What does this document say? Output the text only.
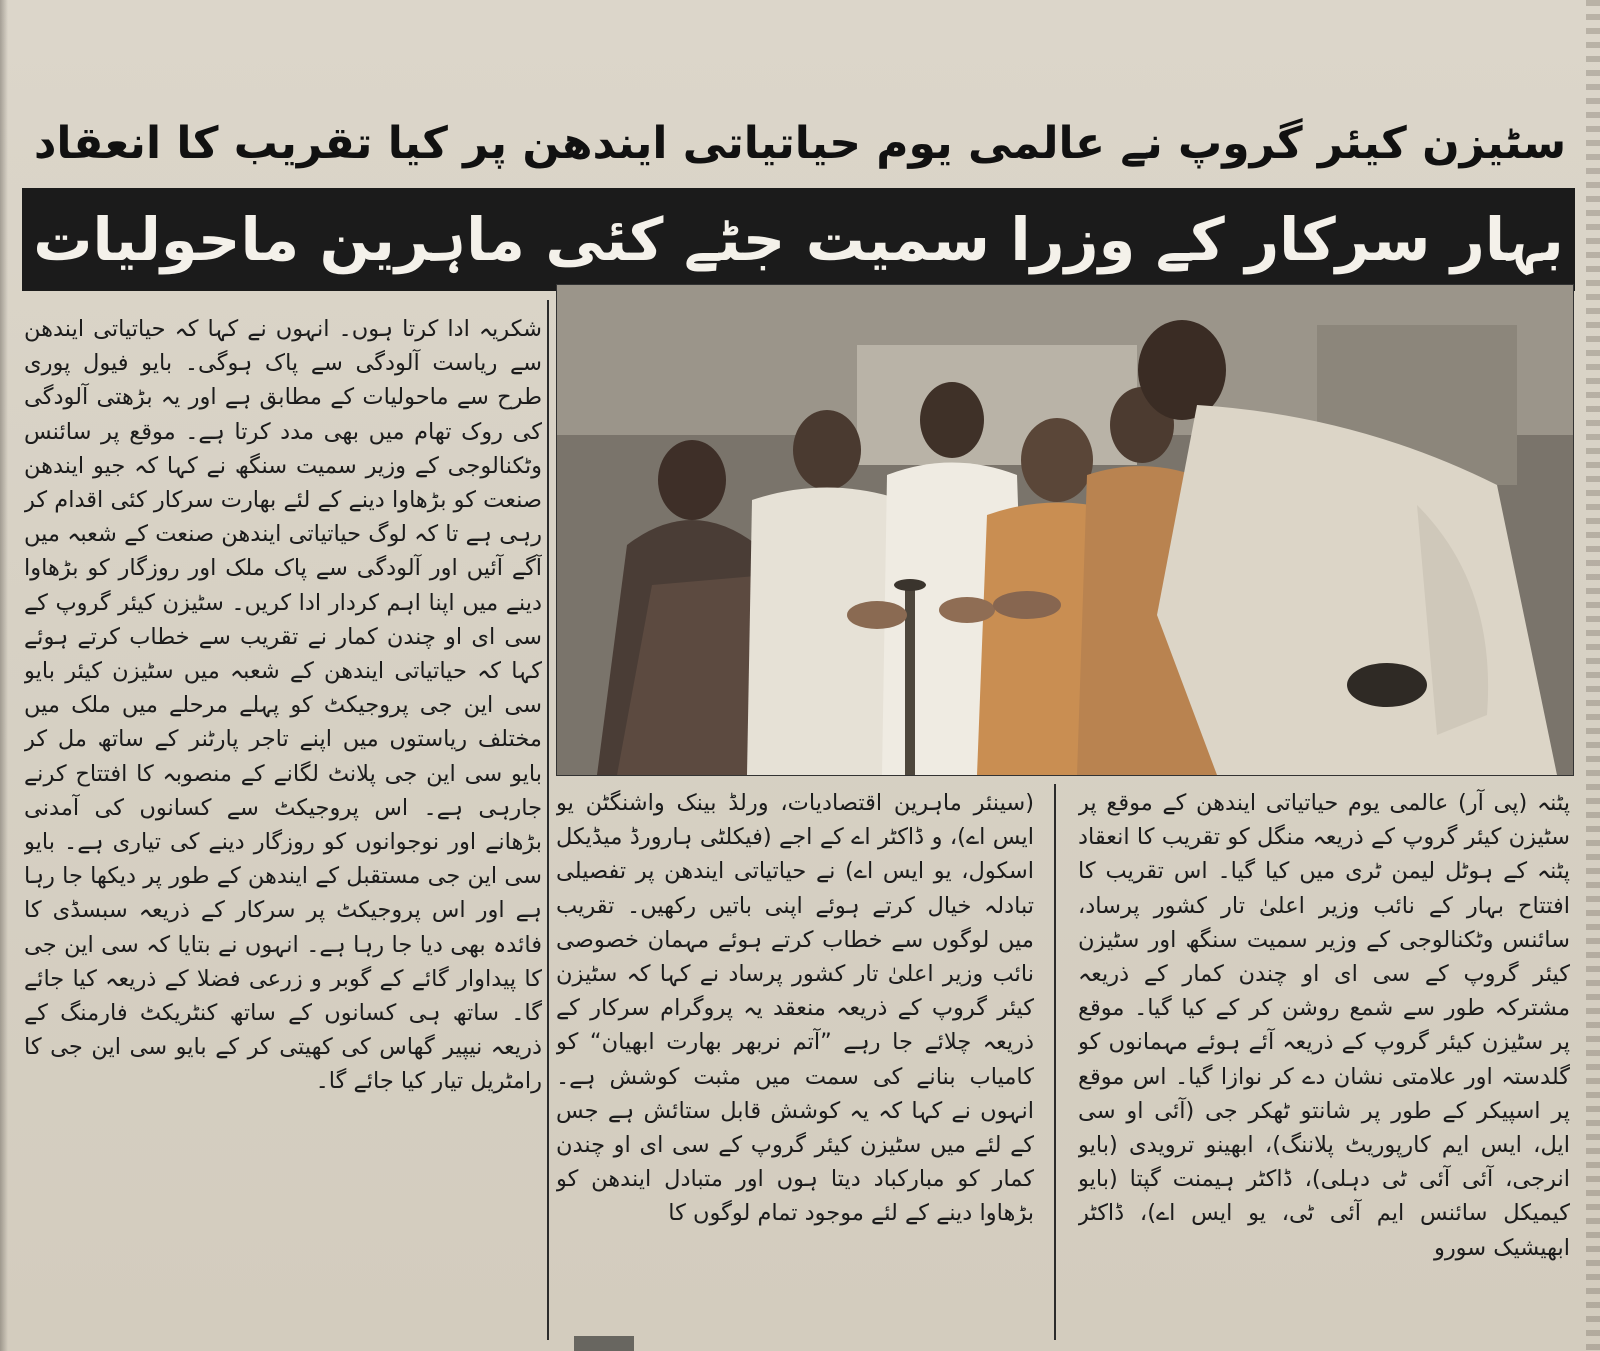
سٹیزن کیئر گروپ نے عالمی یوم حیاتیاتی ایندھن پر کیا تقریب کا انعقاد
بہار سرکار کے وزرا سمیت جٹے کئی ماہرین ماحولیات
پٹنہ (پی آر) عالمی یوم حیاتیاتی ایندھن کے موقع پر سٹیزن کیئر گروپ کے ذریعہ منگل کو تقریب کا انعقاد پٹنہ کے ہوٹل لیمن ٹری میں کیا گیا۔ اس تقریب کا افتتاح بہار کے نائب وزیر اعلیٰ تار کشور پرساد، سائنس وٹکنالوجی کے وزیر سمیت سنگھ اور سٹیزن کیئر گروپ کے سی ای او چندن کمار کے ذریعہ مشترکہ طور سے شمع روشن کر کے کیا گیا۔ موقع پر سٹیزن کیئر گروپ کے ذریعہ آئے ہوئے مہمانوں کو گلدستہ اور علامتی نشان دے کر نوازا گیا۔ اس موقع پر اسپیکر کے طور پر شانتو ٹھکر جی (آئی او سی ایل، ایس ایم کارپوریٹ پلاننگ)، ابھینو ترویدی (بایو انرجی، آئی آئی ٹی دہلی)، ڈاکٹر ہیمنت گپتا (بایو کیمیکل سائنس ایم آئی ٹی، یو ایس اے)، ڈاکٹر ابھیشیک سورو
(سینئر ماہرین اقتصادیات، ورلڈ بینک واشنگٹن یو ایس اے)، و ڈاکٹر اے کے اجے (فیکلٹی ہارورڈ میڈیکل اسکول، یو ایس اے) نے حیاتیاتی ایندھن پر تفصیلی تبادلہ خیال کرتے ہوئے اپنی باتیں رکھیں۔ تقریب میں لوگوں سے خطاب کرتے ہوئے مہمان خصوصی نائب وزیر اعلیٰ تار کشور پرساد نے کہا کہ سٹیزن کیئر گروپ کے ذریعہ منعقد یہ پروگرام سرکار کے ذریعہ چلائے جا رہے ”آتم نربھر بھارت ابھیان“ کو کامیاب بنانے کی سمت میں مثبت کوشش ہے۔ انہوں نے کہا کہ یہ کوشش قابل ستائش ہے جس کے لئے میں سٹیزن کیئر گروپ کے سی ای او چندن کمار کو مبارکباد دیتا ہوں اور متبادل ایندھن کو بڑھاوا دینے کے لئے موجود تمام لوگوں کا
شکریہ ادا کرتا ہوں۔ انہوں نے کہا کہ حیاتیاتی ایندھن سے ریاست آلودگی سے پاک ہوگی۔ بایو فیول پوری طرح سے ماحولیات کے مطابق ہے اور یہ بڑھتی آلودگی کی روک تھام میں بھی مدد کرتا ہے۔ موقع پر سائنس وٹکنالوجی کے وزیر سمیت سنگھ نے کہا کہ جیو ایندھن صنعت کو بڑھاوا دینے کے لئے بھارت سرکار کئی اقدام کر رہی ہے تا کہ لوگ حیاتیاتی ایندھن صنعت کے شعبہ میں آگے آئیں اور آلودگی سے پاک ملک اور روزگار کو بڑھاوا دینے میں اپنا اہم کردار ادا کریں۔ سٹیزن کیئر گروپ کے سی ای او چندن کمار نے تقریب سے خطاب کرتے ہوئے کہا کہ حیاتیاتی ایندھن کے شعبہ میں سٹیزن کیئر بایو سی این جی پروجیکٹ کو پہلے مرحلے میں ملک میں مختلف ریاستوں میں اپنے تاجر پارٹنر کے ساتھ مل کر بایو سی این جی پلانٹ لگانے کے منصوبہ کا افتتاح کرنے جارہی ہے۔ اس پروجیکٹ سے کسانوں کی آمدنی بڑھانے اور نوجوانوں کو روزگار دینے کی تیاری ہے۔ بایو سی این جی مستقبل کے ایندھن کے طور پر دیکھا جا رہا ہے اور اس پروجیکٹ پر سرکار کے ذریعہ سبسڈی کا فائدہ بھی دیا جا رہا ہے۔ انہوں نے بتایا کہ سی این جی کا پیداوار گائے کے گوبر و زرعی فضلا کے ذریعہ کیا جائے گا۔ ساتھ ہی کسانوں کے ساتھ کنٹریکٹ فارمنگ کے ذریعہ نیپیر گھاس کی کھیتی کر کے بایو سی این جی کا رامٹریل تیار کیا جائے گا۔
